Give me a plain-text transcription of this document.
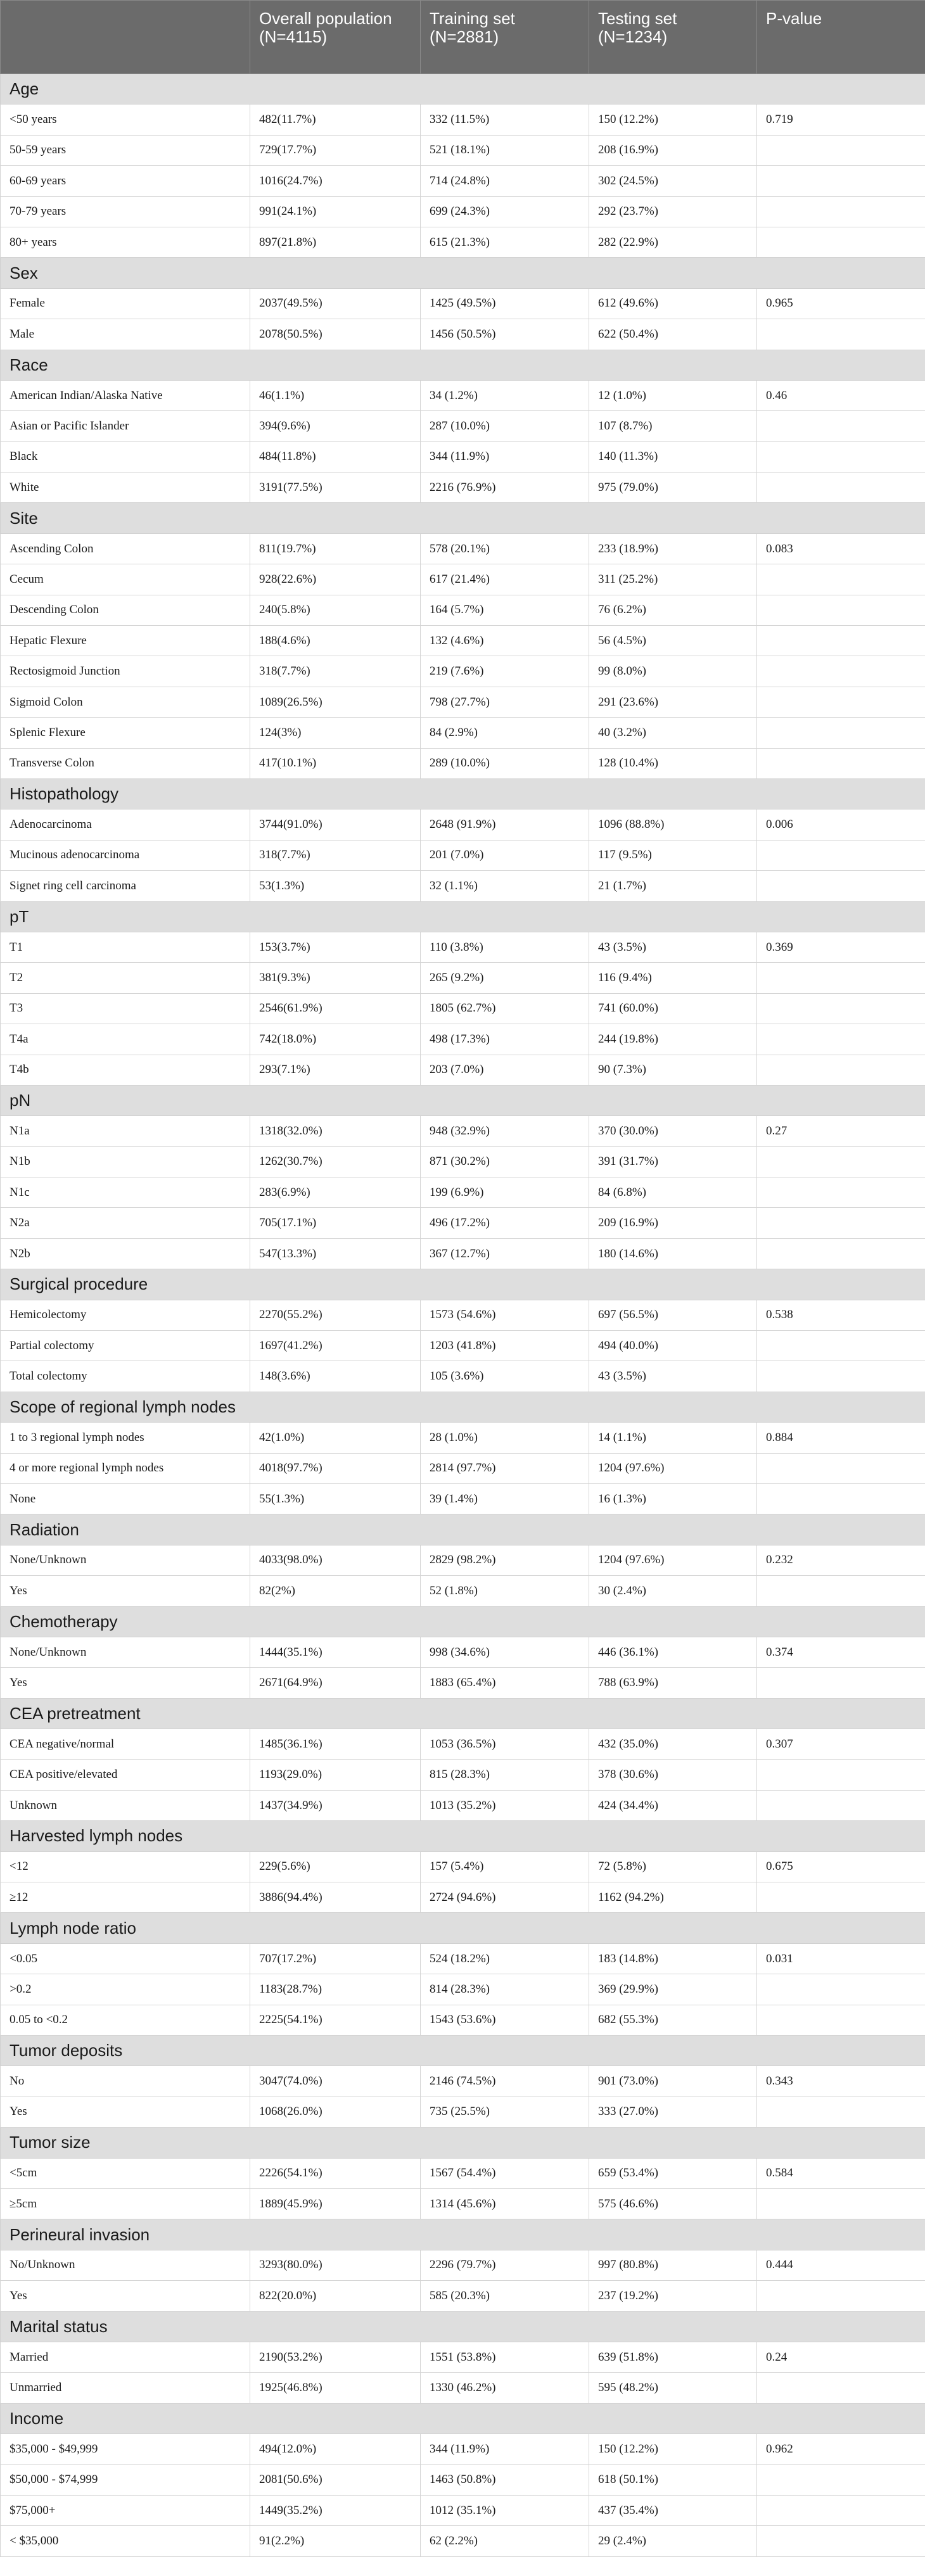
	Overall population (N=4115)	Training set (N=2881)	Testing set (N=1234)	P-value
Age				
<50 years	482(11.7%)	332 (11.5%)	150 (12.2%)	0.719
50-59 years	729(17.7%)	521 (18.1%)	208 (16.9%)	
60-69 years	1016(24.7%)	714 (24.8%)	302 (24.5%)	
70-79 years	991(24.1%)	699 (24.3%)	292 (23.7%)	
80+ years	897(21.8%)	615 (21.3%)	282 (22.9%)	
Sex				
Female	2037(49.5%)	1425 (49.5%)	612 (49.6%)	0.965
Male	2078(50.5%)	1456 (50.5%)	622 (50.4%)	
Race				
American Indian/Alaska Native	46(1.1%)	34 (1.2%)	12 (1.0%)	0.46
Asian or Pacific Islander	394(9.6%)	287 (10.0%)	107 (8.7%)	
Black	484(11.8%)	344 (11.9%)	140 (11.3%)	
White	3191(77.5%)	2216 (76.9%)	975 (79.0%)	
Site				
Ascending Colon	811(19.7%)	578 (20.1%)	233 (18.9%)	0.083
Cecum	928(22.6%)	617 (21.4%)	311 (25.2%)	
Descending Colon	240(5.8%)	164 (5.7%)	76 (6.2%)	
Hepatic Flexure	188(4.6%)	132 (4.6%)	56 (4.5%)	
Rectosigmoid Junction	318(7.7%)	219 (7.6%)	99 (8.0%)	
Sigmoid Colon	1089(26.5%)	798 (27.7%)	291 (23.6%)	
Splenic Flexure	124(3%)	84 (2.9%)	40 (3.2%)	
Transverse Colon	417(10.1%)	289 (10.0%)	128 (10.4%)	
Histopathology				
Adenocarcinoma	3744(91.0%)	2648 (91.9%)	1096 (88.8%)	0.006
Mucinous adenocarcinoma	318(7.7%)	201 (7.0%)	117 (9.5%)	
Signet ring cell carcinoma	53(1.3%)	32 (1.1%)	21 (1.7%)	
pT				
T1	153(3.7%)	110 (3.8%)	43 (3.5%)	0.369
T2	381(9.3%)	265 (9.2%)	116 (9.4%)	
T3	2546(61.9%)	1805 (62.7%)	741 (60.0%)	
T4a	742(18.0%)	498 (17.3%)	244 (19.8%)	
T4b	293(7.1%)	203 (7.0%)	90 (7.3%)	
pN				
N1a	1318(32.0%)	948 (32.9%)	370 (30.0%)	0.27
N1b	1262(30.7%)	871 (30.2%)	391 (31.7%)	
N1c	283(6.9%)	199 (6.9%)	84 (6.8%)	
N2a	705(17.1%)	496 (17.2%)	209 (16.9%)	
N2b	547(13.3%)	367 (12.7%)	180 (14.6%)	
Surgical procedure				
Hemicolectomy	2270(55.2%)	1573 (54.6%)	697 (56.5%)	0.538
Partial colectomy	1697(41.2%)	1203 (41.8%)	494 (40.0%)	
Total colectomy	148(3.6%)	105 (3.6%)	43 (3.5%)	
Scope of regional lymph nodes				
1 to 3 regional lymph nodes	42(1.0%)	28 (1.0%)	14 (1.1%)	0.884
4 or more regional lymph nodes	4018(97.7%)	2814 (97.7%)	1204 (97.6%)	
None	55(1.3%)	39 (1.4%)	16 (1.3%)	
Radiation				
None/Unknown	4033(98.0%)	2829 (98.2%)	1204 (97.6%)	0.232
Yes	82(2%)	52 (1.8%)	30 (2.4%)	
Chemotherapy				
None/Unknown	1444(35.1%)	998 (34.6%)	446 (36.1%)	0.374
Yes	2671(64.9%)	1883 (65.4%)	788 (63.9%)	
CEA pretreatment				
CEA negative/normal	1485(36.1%)	1053 (36.5%)	432 (35.0%)	0.307
CEA positive/elevated	1193(29.0%)	815 (28.3%)	378 (30.6%)	
Unknown	1437(34.9%)	1013 (35.2%)	424 (34.4%)	
Harvested lymph nodes				
<12	229(5.6%)	157 (5.4%)	72 (5.8%)	0.675
≥12	3886(94.4%)	2724 (94.6%)	1162 (94.2%)	
Lymph node ratio				
<0.05	707(17.2%)	524 (18.2%)	183 (14.8%)	0.031
>0.2	1183(28.7%)	814 (28.3%)	369 (29.9%)	
0.05 to <0.2	2225(54.1%)	1543 (53.6%)	682 (55.3%)	
Tumor deposits				
No	3047(74.0%)	2146 (74.5%)	901 (73.0%)	0.343
Yes	1068(26.0%)	735 (25.5%)	333 (27.0%)	
Tumor size				
<5cm	2226(54.1%)	1567 (54.4%)	659 (53.4%)	0.584
≥5cm	1889(45.9%)	1314 (45.6%)	575 (46.6%)	
Perineural invasion				
No/Unknown	3293(80.0%)	2296 (79.7%)	997 (80.8%)	0.444
Yes	822(20.0%)	585 (20.3%)	237 (19.2%)	
Marital status				
Married	2190(53.2%)	1551 (53.8%)	639 (51.8%)	0.24
Unmarried	1925(46.8%)	1330 (46.2%)	595 (48.2%)	
Income				
$35,000 - $49,999	494(12.0%)	344 (11.9%)	150 (12.2%)	0.962
$50,000 - $74,999	2081(50.6%)	1463 (50.8%)	618 (50.1%)	
$75,000+	1449(35.2%)	1012 (35.1%)	437 (35.4%)	
< $35,000	91(2.2%)	62 (2.2%)	29 (2.4%)	
